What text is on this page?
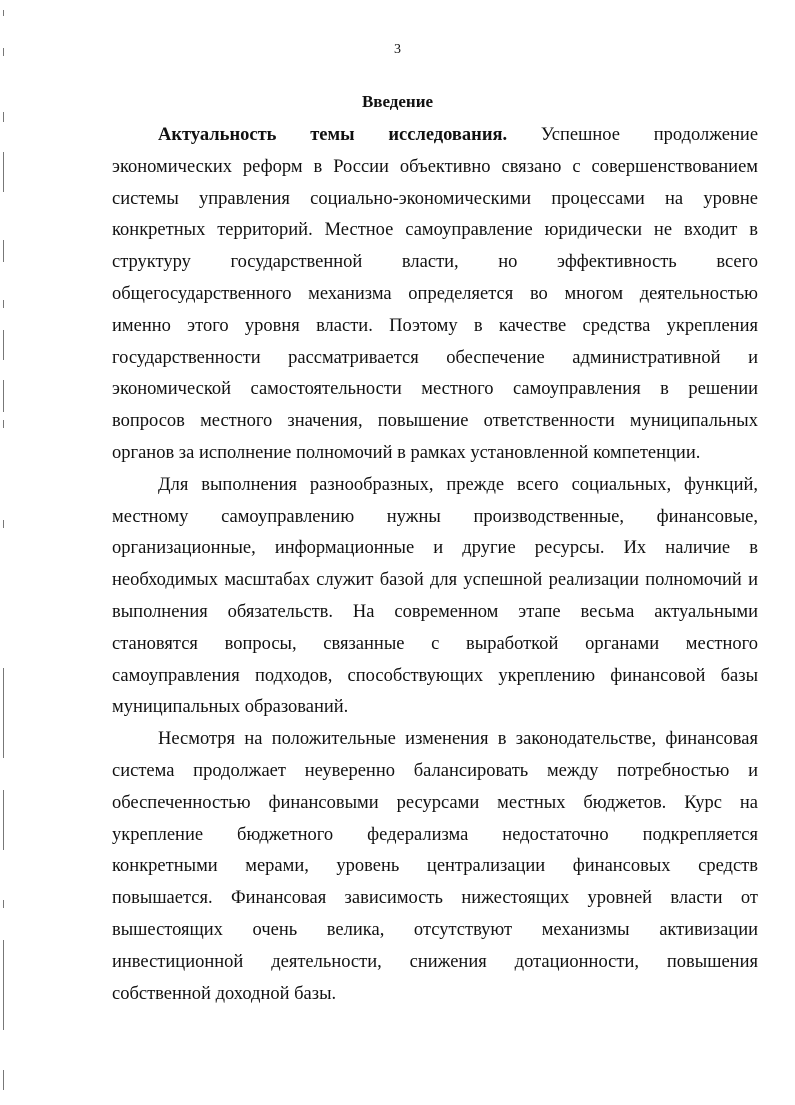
3
Введение
Актуальность темы исследования. Успешное продолжение
экономических реформ в России объективно связано с совершенствованием
системы управления социально-экономическими процессами на уровне
конкретных территорий. Местное самоуправление юридически не входит в
структуру государственной власти, но эффективность всего
общегосударственного механизма определяется во многом деятельностью
именно этого уровня власти. Поэтому в качестве средства укрепления
государственности рассматривается обеспечение административной и
экономической самостоятельности местного самоуправления в решении
вопросов местного значения, повышение ответственности муниципальных
органов за исполнение полномочий в рамках установленной компетенции.
Для выполнения разнообразных, прежде всего социальных, функций,
местному самоуправлению нужны производственные, финансовые,
организационные, информационные и другие ресурсы. Их наличие в
необходимых масштабах служит базой для успешной реализации полномочий и
выполнения обязательств. На современном этапе весьма актуальными
становятся вопросы, связанные с выработкой органами местного
самоуправления подходов, способствующих укреплению финансовой базы
муниципальных образований.
Несмотря на положительные изменения в законодательстве, финансовая
система продолжает неуверенно балансировать между потребностью и
обеспеченностью финансовыми ресурсами местных бюджетов. Курс на
укрепление бюджетного федерализма недостаточно подкрепляется
конкретными мерами, уровень централизации финансовых средств
повышается. Финансовая зависимость нижестоящих уровней власти от
вышестоящих очень велика, отсутствуют механизмы активизации
инвестиционной деятельности, снижения дотационности, повышения
собственной доходной базы.
